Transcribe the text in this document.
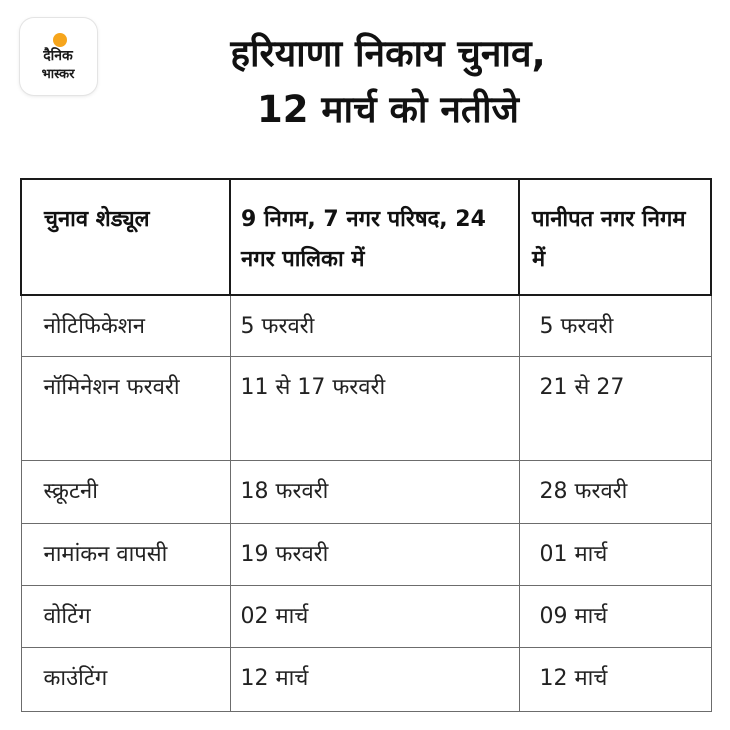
दैनिक
भास्कर	हरियाणा निकाय चुनाव,
12 मार्च को नतीजे
चुनाव शेड्यूल	9 निगम, 7 नगर परिषद, 24 नगर पालिका में	पानीपत नगर निगम में
नोटिफिकेशन	5 फरवरी	5 फरवरी
नॉमिनेशन फरवरी	11 से 17 फरवरी	21 से 27
स्क्रूटनी	18 फरवरी	28 फरवरी
नामांकन वापसी	19 फरवरी	01 मार्च
वोटिंग	02 मार्च	09 मार्च
काउंटिंग	12 मार्च	12 मार्च
